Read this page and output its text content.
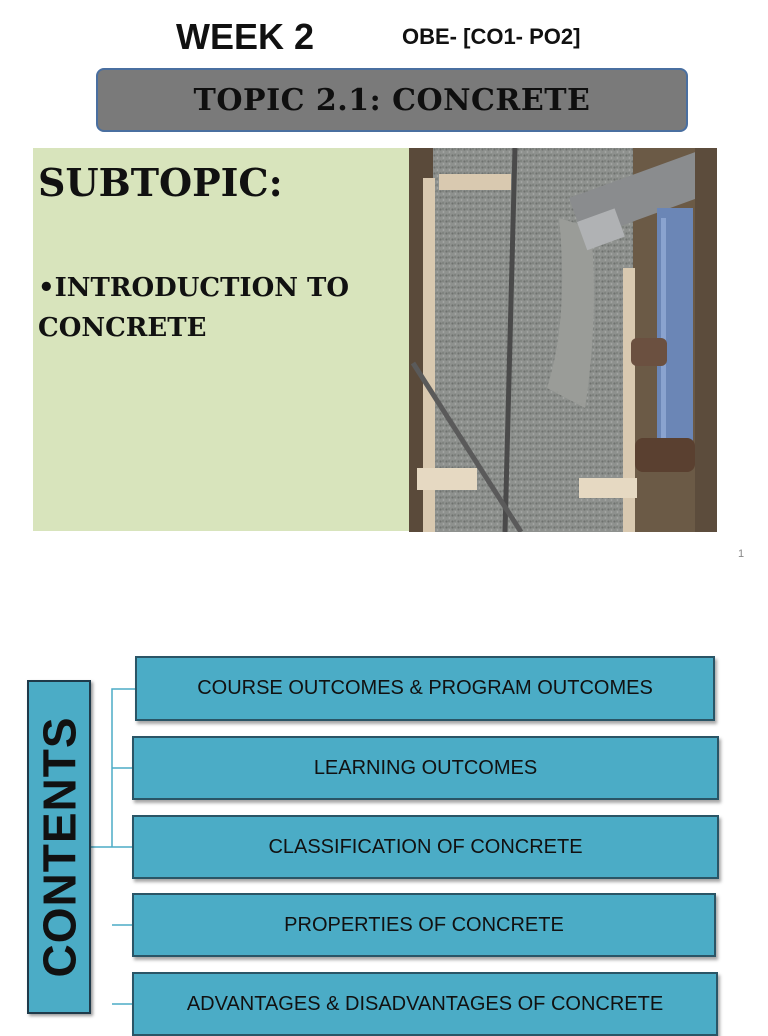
WEEK 2	OBE- [CO1- PO2]
TOPIC 2.1: CONCRETE
SUBTOPIC:
•INTRODUCTION TO CONCRETE
1
CONTENTS
COURSE OUTCOMES & PROGRAM OUTCOMES
LEARNING OUTCOMES
CLASSIFICATION OF CONCRETE
PROPERTIES OF CONCRETE
ADVANTAGES & DISADVANTAGES OF CONCRETE
